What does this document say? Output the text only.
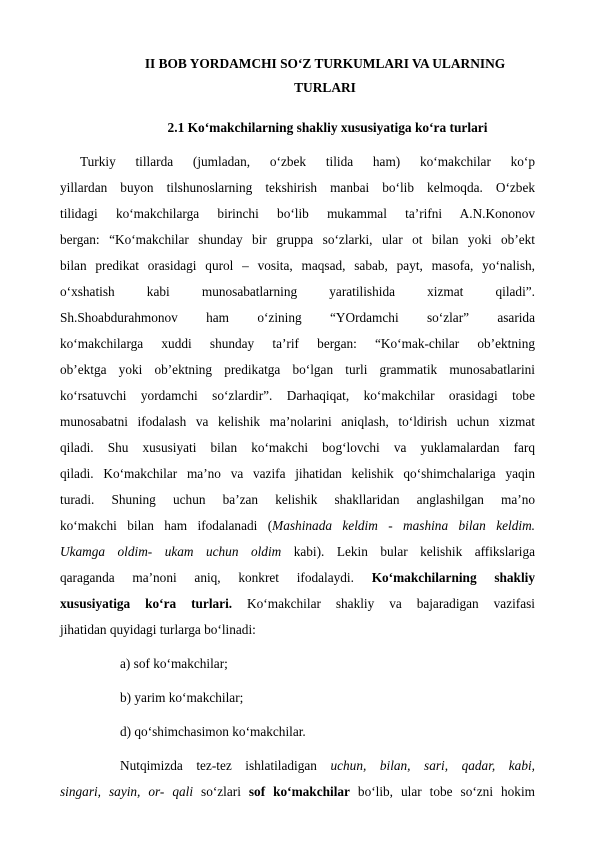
II BOB YORDAMCHI SO‘Z TURKUMLARI VA ULARNING
TURLARI
2.1 Ko‘makchilarning shakliy xususiyatiga ko‘ra turlari
Turkiy tillarda (jumladan, o‘zbek tilida ham) ko‘makchilar ko‘p
yillardan buyon tilshunoslarning tekshirish manbai bo‘lib kelmoqda. O‘zbek
tilidagi ko‘makchilarga birinchi bo‘lib mukammal ta’rifni A.N.Kononov
bergan: “Ko‘makchilar shunday bir gruppa so‘zlarki, ular ot bilan yoki ob’ekt
bilan predikat orasidagi qurol – vosita, maqsad, sabab, payt, masofa, yo‘nalish,
o‘xshatish kabi munosabatlarning yaratilishida xizmat qiladi”.
Sh.Shoabdurahmonov ham o‘zining “YOrdamchi so‘zlar” asarida
ko‘makchilarga xuddi shunday ta’rif bergan: “Ko‘mak-chilar ob’ektning
ob’ektga yoki ob’ektning predikatga bo‘lgan turli grammatik munosabatlarini
ko‘rsatuvchi yordamchi so‘zlardir”. Darhaqiqat, ko‘makchilar orasidagi tobe
munosabatni ifodalash va kelishik ma’nolarini aniqlash, to‘ldirish uchun xizmat
qiladi. Shu xususiyati bilan ko‘makchi bog‘lovchi va yuklamalardan farq
qiladi. Ko‘makchilar ma’no va vazifa jihatidan kelishik qo‘shimchalariga yaqin
turadi. Shuning uchun ba’zan kelishik shakllaridan anglashilgan ma’no
ko‘makchi bilan ham ifodalanadi (Mashinada keldim - mashina bilan keldim.
Ukamga oldim- ukam uchun oldim kabi). Lekin bular kelishik affikslariga
qaraganda ma’noni aniq, konkret ifodalaydi. Ko‘makchilarning shakliy
xususiyatiga ko‘ra turlari. Ko‘makchilar shakliy va bajaradigan vazifasi
jihatidan quyidagi turlarga bo‘linadi:
a) sof ko‘makchilar;
b) yarim ko‘makchilar;
d) qo‘shimchasimon ko‘makchilar.
Nutqimizda tez-tez ishlatiladigan uchun, bilan, sari, qadar, kabi,
singari, sayin, or- qali so‘zlari sof ko‘makchilar bo‘lib, ular tobe so‘zni hokim
